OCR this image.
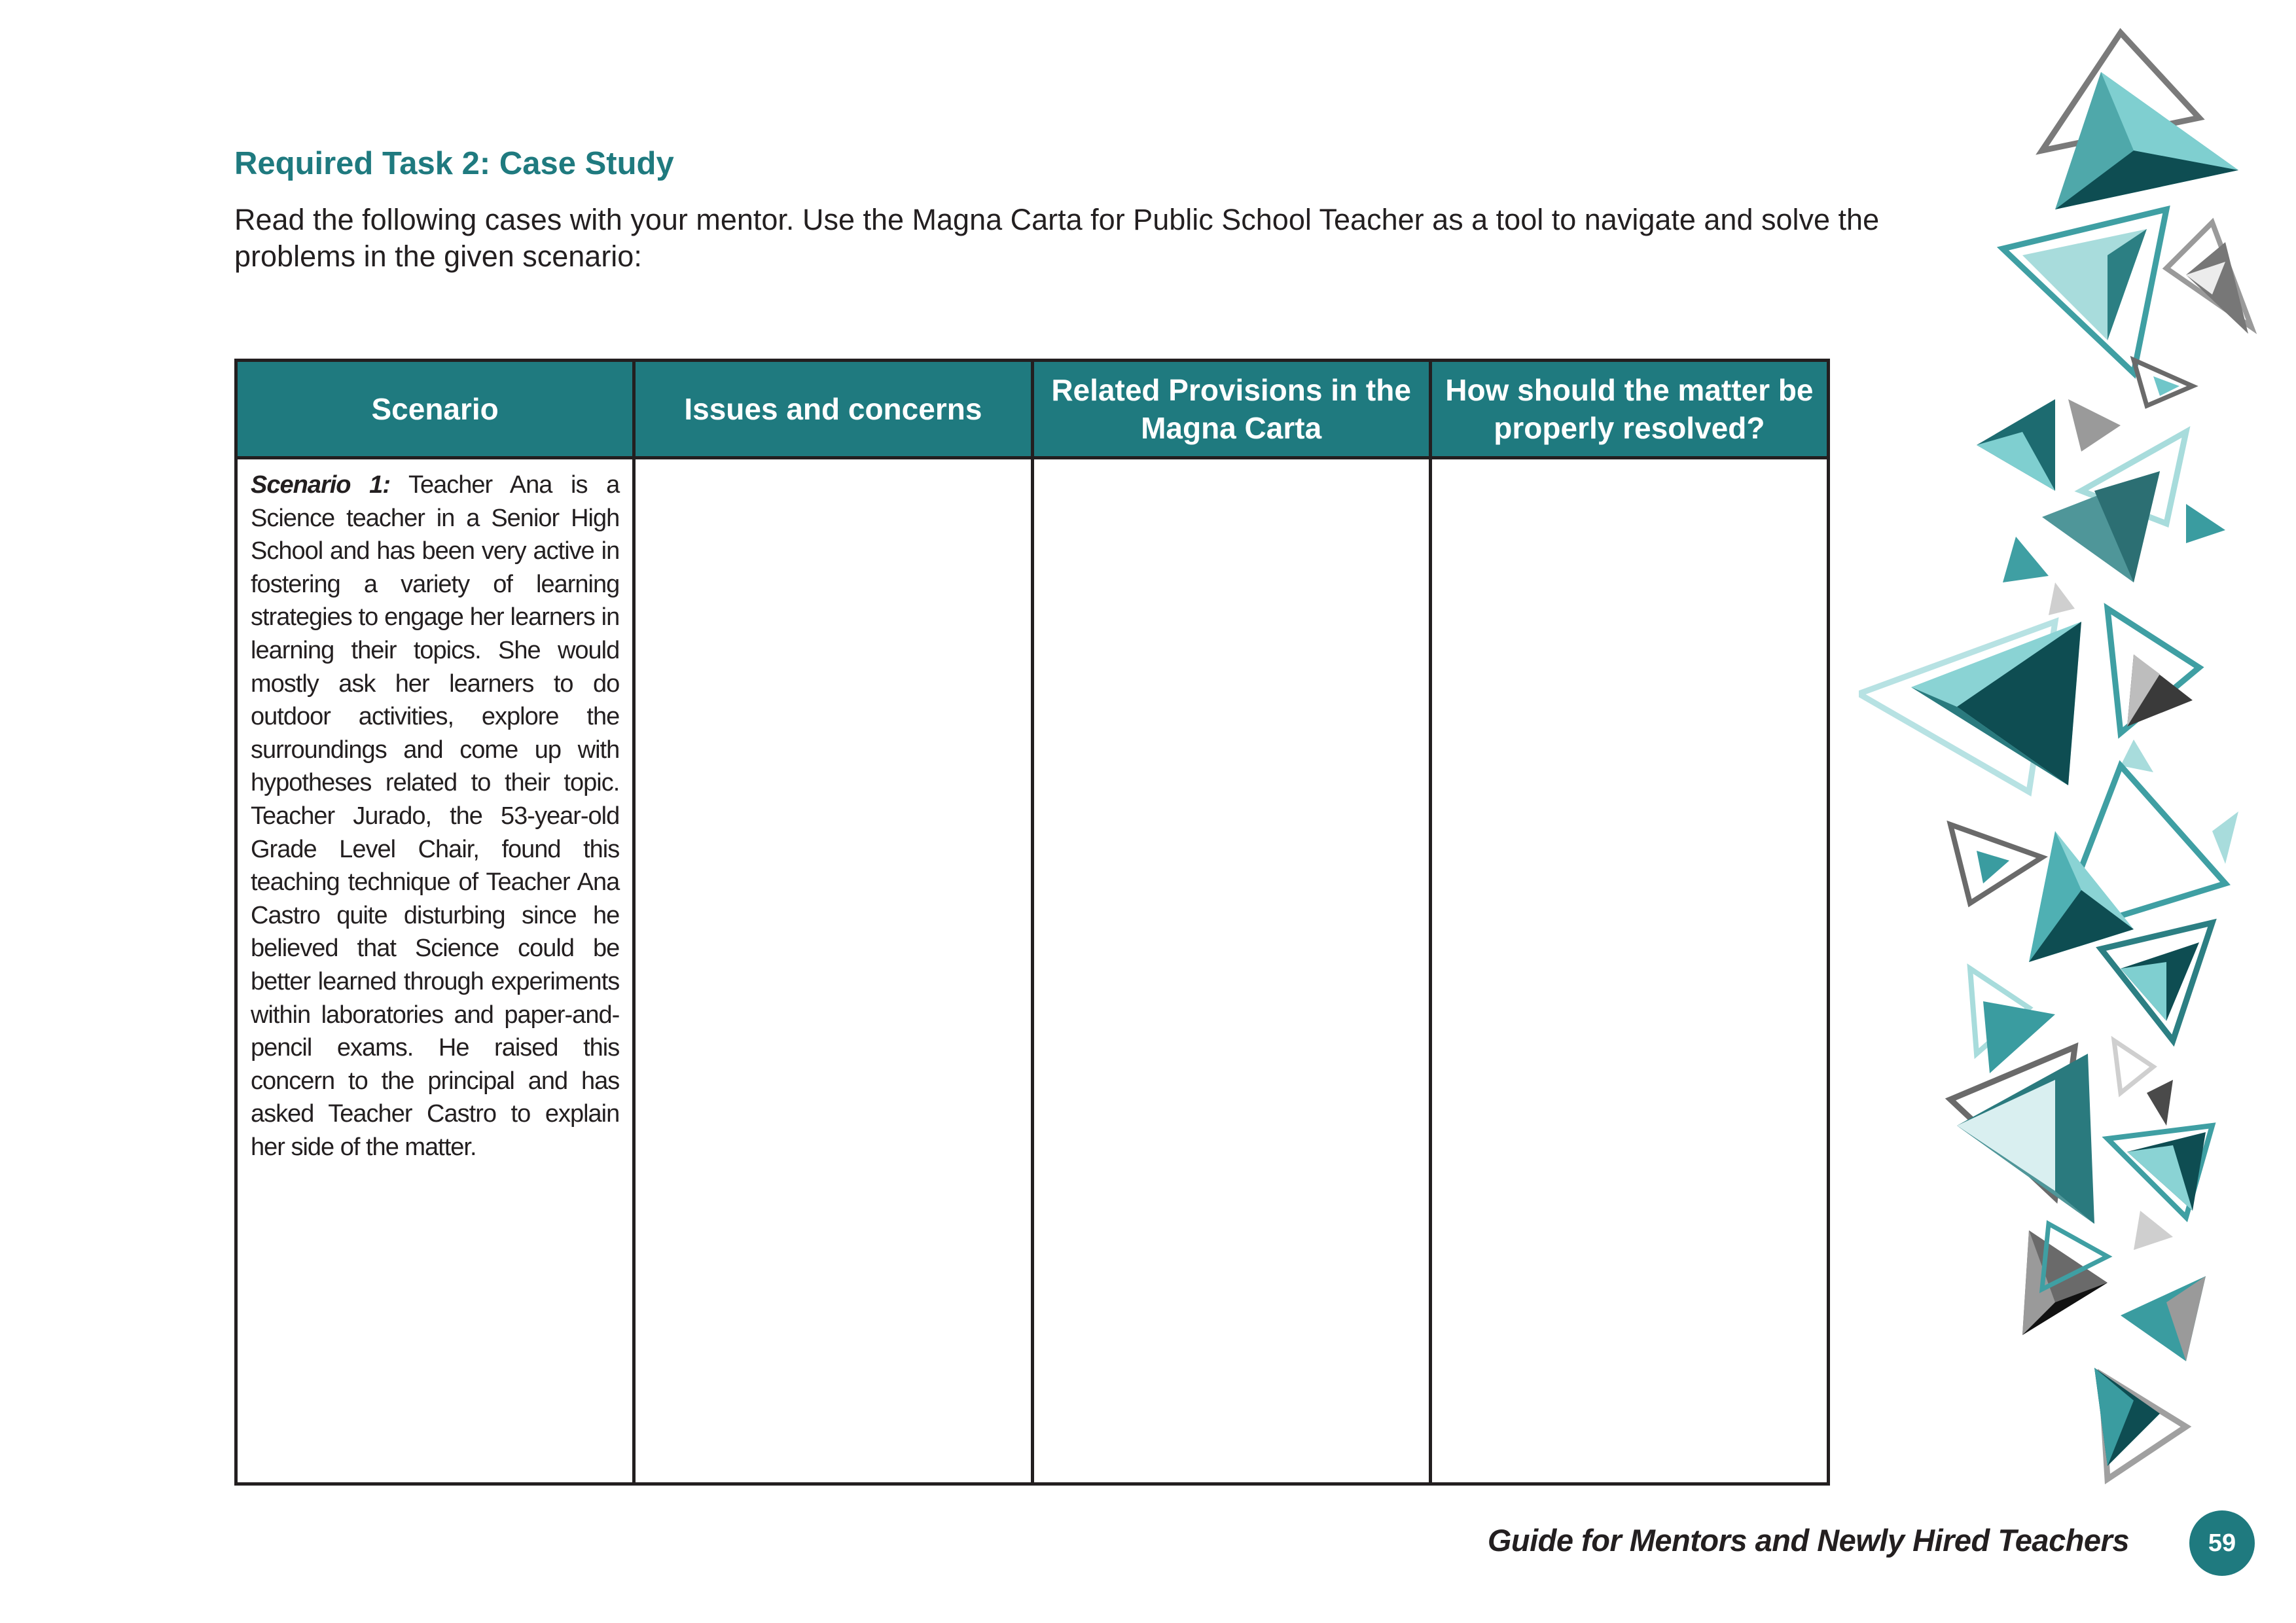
Required Task 2: Case Study

Read the following cases with your mentor. Use the Magna Carta for Public School Teacher as a tool to navigate and solve the problems in the given scenario:

Scenario	Issues and concerns	Related Provisions in the Magna Carta	How should the matter be properly resolved?

Scenario 1: Teacher Ana is a Science teacher in a Senior High School and has been very active in fostering a variety of learning strategies to engage her learners in learning their topics. She would mostly ask her learners to do outdoor activities, explore the surroundings and come up with hypotheses related to their topic. Teacher Jurado, the 53-year-old Grade Level Chair, found this teaching technique of Teacher Ana Castro quite disturbing since he believed that Science could be better learned through experiments within laboratories and paper-and-pencil exams. He raised this concern to the principal and has asked Teacher Castro to explain her side of the matter.			

Guide for Mentors and Newly Hired Teachers	59
